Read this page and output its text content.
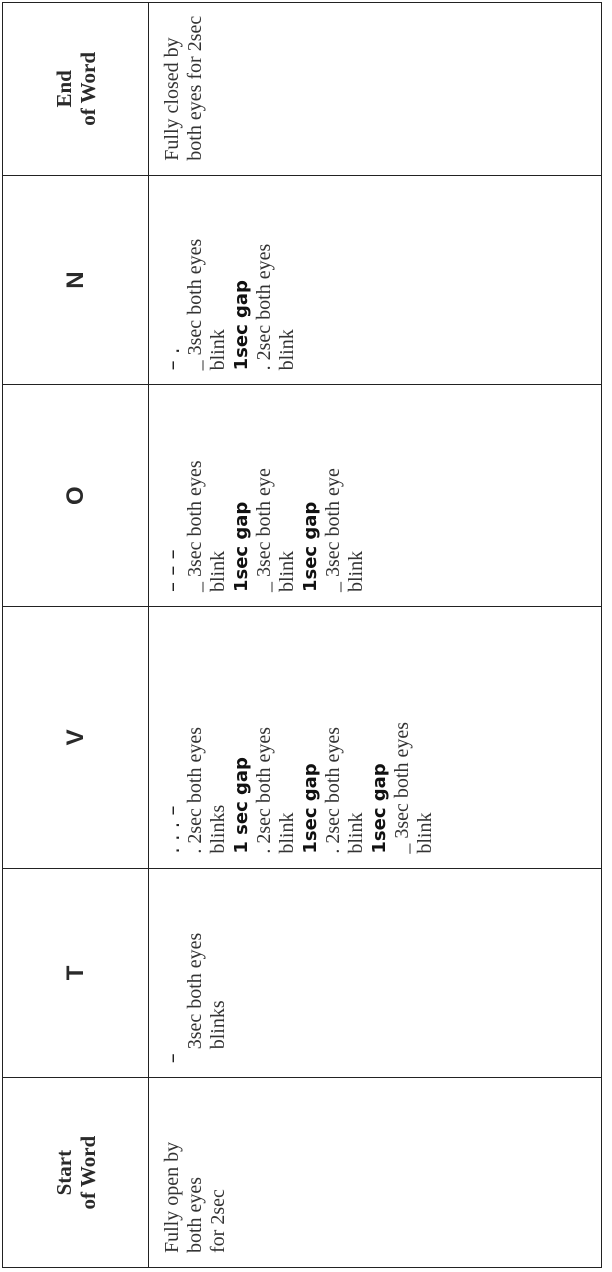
Start of Word	Fully open by both eyes for 2sec
T
–
3sec both eyes blinks
V
. . . – . 2sec both eyes blinks 1 sec gap . 2sec both eyes blink 1sec gap . 2sec both eyes blink 1sec gap _ 3sec both eyes blink
O
– – – _ 3sec both eyes blink 1sec gap _ 3sec both eye blink 1sec gap _ 3sec both eye blink
N
– . _ 3sec both eyes blink 1sec gap . 2sec both eyes blink
End of Word	Fully closed by both eyes for 2sec
